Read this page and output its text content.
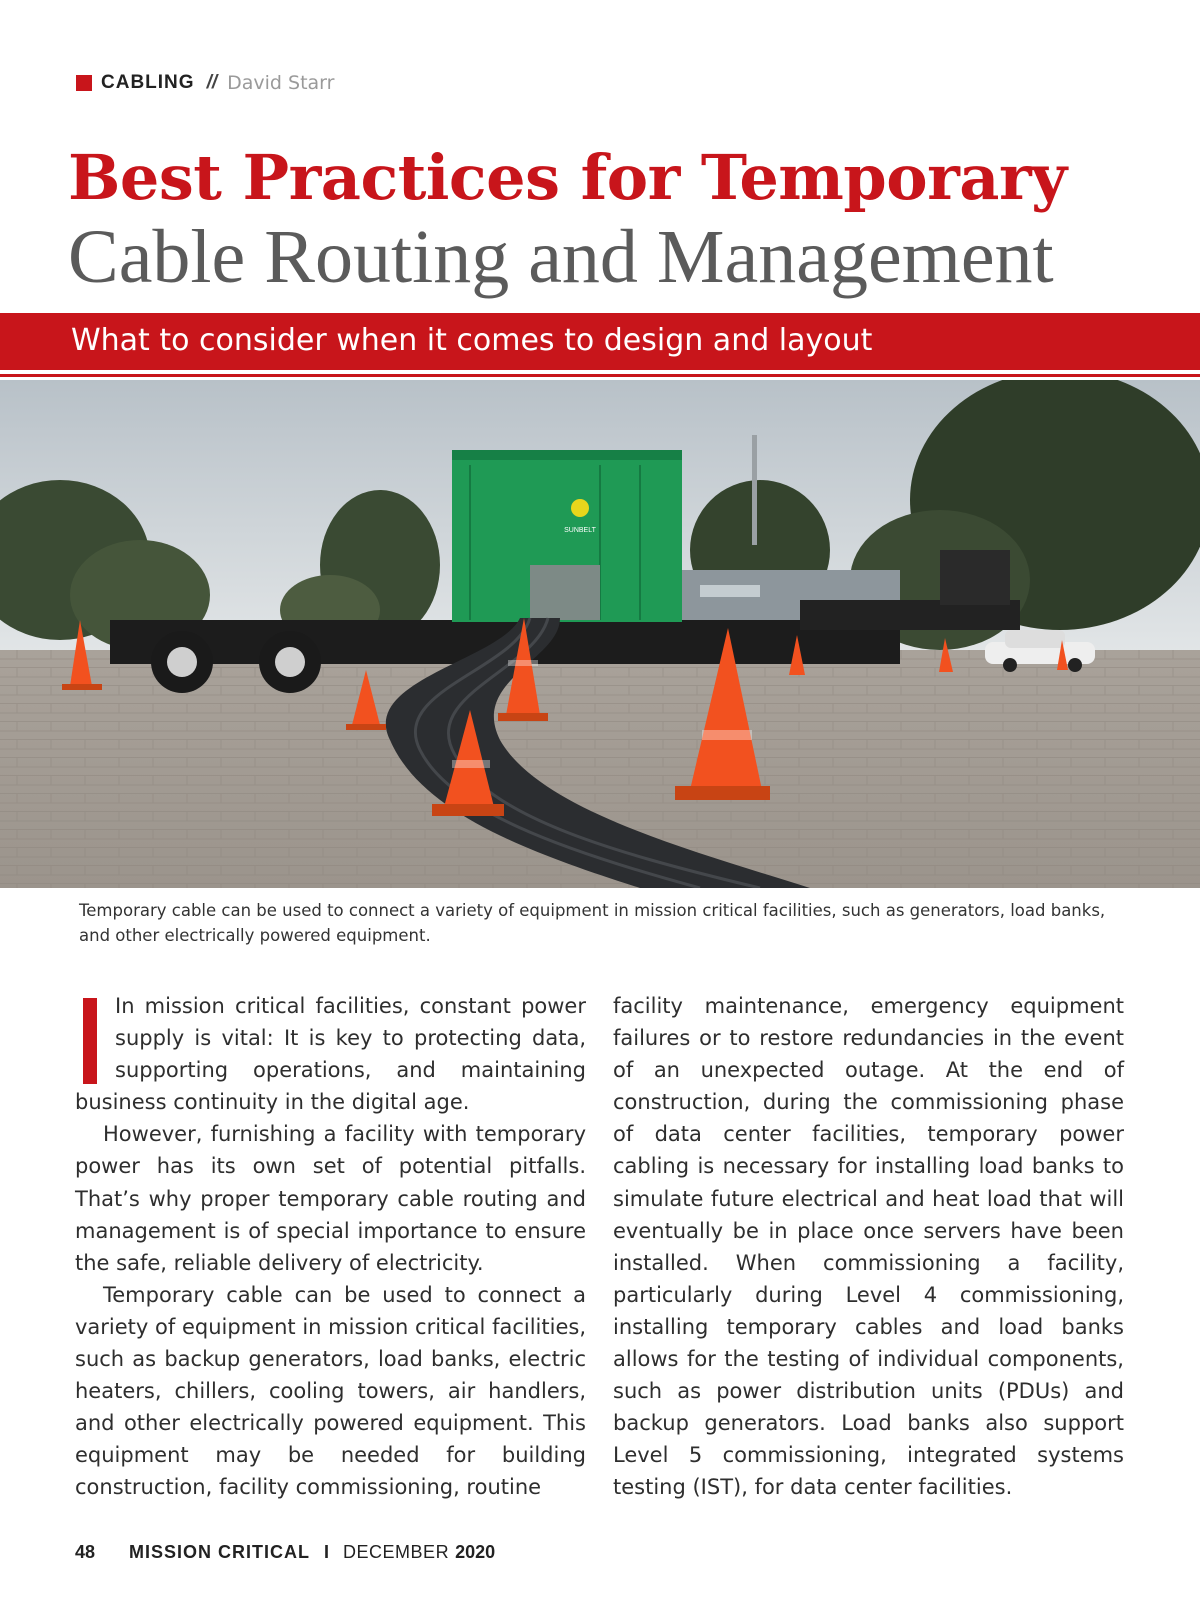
CABLING // David Starr
Best Practices for Temporary
Cable Routing and Management
What to consider when it comes to design and layout
SUNBELT
Temporary cable can be used to connect a variety of equipment in mission critical facilities, such as generators, load banks, and other electrically powered equipment.

In mission critical facilities, constant power supply is vital: It is key to protecting data, supporting operations, and maintaining business continuity in the digital age.

However, furnishing a facility with temporary power has its own set of potential pitfalls. That’s why proper temporary cable routing and management is of special importance to ensure the safe, reliable delivery of electricity.

Temporary cable can be used to connect a variety of equipment in mission critical facilities, such as backup generators, load banks, electric heaters, chillers, cooling towers, air handlers, and other electrically powered equipment. This equipment may be needed for building construction, facility commissioning, routine

facility maintenance, emergency equipment failures or to restore redundancies in the event of an unexpected outage. At the end of construction, during the commissioning phase of data center facilities, temporary power cabling is necessary for installing load banks to simulate future electrical and heat load that will eventually be in place once servers have been installed. When commissioning a facility, particularly during Level 4 commissioning, installing temporary cables and load banks allows for the testing of individual components, such as power distribution units (PDUs) and backup generators. Load banks also support Level 5 commissioning, integrated systems testing (IST), for data center facilities.

48 MISSION CRITICAL I DECEMBER 2020
